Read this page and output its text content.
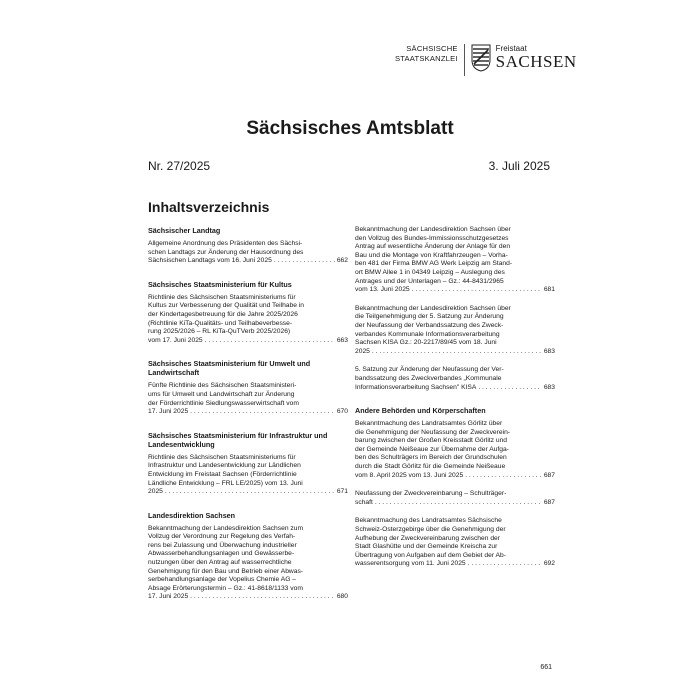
SÄCHSISCHE
STAATSKANZLEI
Freistaat
SACHSEN
Sächsisches Amtsblatt
Nr. 27/2025	3. Juli 2025
Inhaltsverzeichnis
Sächsischer Landtag
Allgemeine Anordnung des Präsidenten des Sächsi-
schen Landtags zur Änderung der Hausordnung des
Sächsischen Landtags vom 16. Juni 2025 . . .	662
Sächsisches Staatsministerium für Kultus
Richtlinie des Sächsischen Staatsministeriums für
Kultus zur Verbesserung der Qualität und Teilhabe in
der Kindertagesbetreuung für die Jahre 2025/2026
(Richtlinie KiTa-Qualitäts- und Teilhabeverbesse-
rung 2025/2026 – RL KiTa-QuTVerb 2025/2026)
vom 17. Juni 2025 . . .	663
Sächsisches Staatsministerium für Umwelt und Landwirtschaft
Fünfte Richtlinie des Sächsischen Staatsministeri-
ums für Umwelt und Landwirtschaft zur Änderung
der Förderrichtlinie Siedlungswasserwirtschaft vom
17. Juni 2025 . . .	670
Sächsisches Staatsministerium für Infrastruktur und Landesentwicklung
Richtlinie des Sächsischen Staatsministeriums für
Infrastruktur und Landesentwicklung zur Ländlichen
Entwicklung im Freistaat Sachsen (Förderrichtlinie
Ländliche Entwicklung – FRL LE/2025) vom 13. Juni
2025 . . .	671
Landesdirektion Sachsen
Bekanntmachung der Landesdirektion Sachsen zum
Vollzug der Verordnung zur Regelung des Verfah-
rens bei Zulassung und Überwachung industrieller
Abwasserbehandlungsanlagen und Gewässerbe-
nutzungen über den Antrag auf wasserrechtliche
Genehmigung für den Bau und Betrieb einer Abwas-
serbehandlungsanlage der Vopelius Chemie AG –
Absage Erörterungstermin – Gz.: 41-8618/1133 vom
17. Juni 2025 . . .	680
Bekanntmachung der Landesdirektion Sachsen über
den Vollzug des Bundes-Immissionsschutzgesetzes
Antrag auf wesentliche Änderung der Anlage für den
Bau und die Montage von Kraftfahrzeugen – Vorha-
ben 481 der Firma BMW AG Werk Leipzig am Stand-
ort BMW Allee 1 in 04349 Leipzig – Auslegung des
Antrages und der Unterlagen – Gz.: 44-8431/2965
vom 13. Juni 2025 . . .	681
Bekanntmachung der Landesdirektion Sachsen über
die Teilgenehmigung der 5. Satzung zur Änderung
der Neufassung der Verbandssatzung des Zweck-
verbandes Kommunale Informationsverarbeitung
Sachsen KISA Gz.: 20-2217/89/45 vom 18. Juni
2025 . . .	683
5. Satzung zur Änderung der Neufassung der Ver-
bandssatzung des Zweckverbandes „Kommunale
Informationsverarbeitung Sachsen" KISA . . .	683
Andere Behörden und Körperschaften
Bekanntmachung des Landratsamtes Görlitz über
die Genehmigung der Neufassung der Zweckverein-
barung zwischen der Großen Kreisstadt Görlitz und
der Gemeinde Neißeaue zur Übernahme der Aufga-
ben des Schulträgers im Bereich der Grundschulen
durch die Stadt Görlitz für die Gemeinde Neißeaue
vom 8. April 2025 vom 13. Juni 2025 . . .	687
Neufassung der Zweckvereinbarung – Schulträger-
schaft . . .	687
Bekanntmachung des Landratsamtes Sächsische
Schweiz-Osterzgebirge über die Genehmigung der
Aufhebung der Zweckvereinbarung zwischen der
Stadt Glashütte und der Gemeinde Kreischa zur
Übertragung von Aufgaben auf dem Gebiet der Ab-
wasserentsorgung vom 11. Juni 2025 . . .	692
661
